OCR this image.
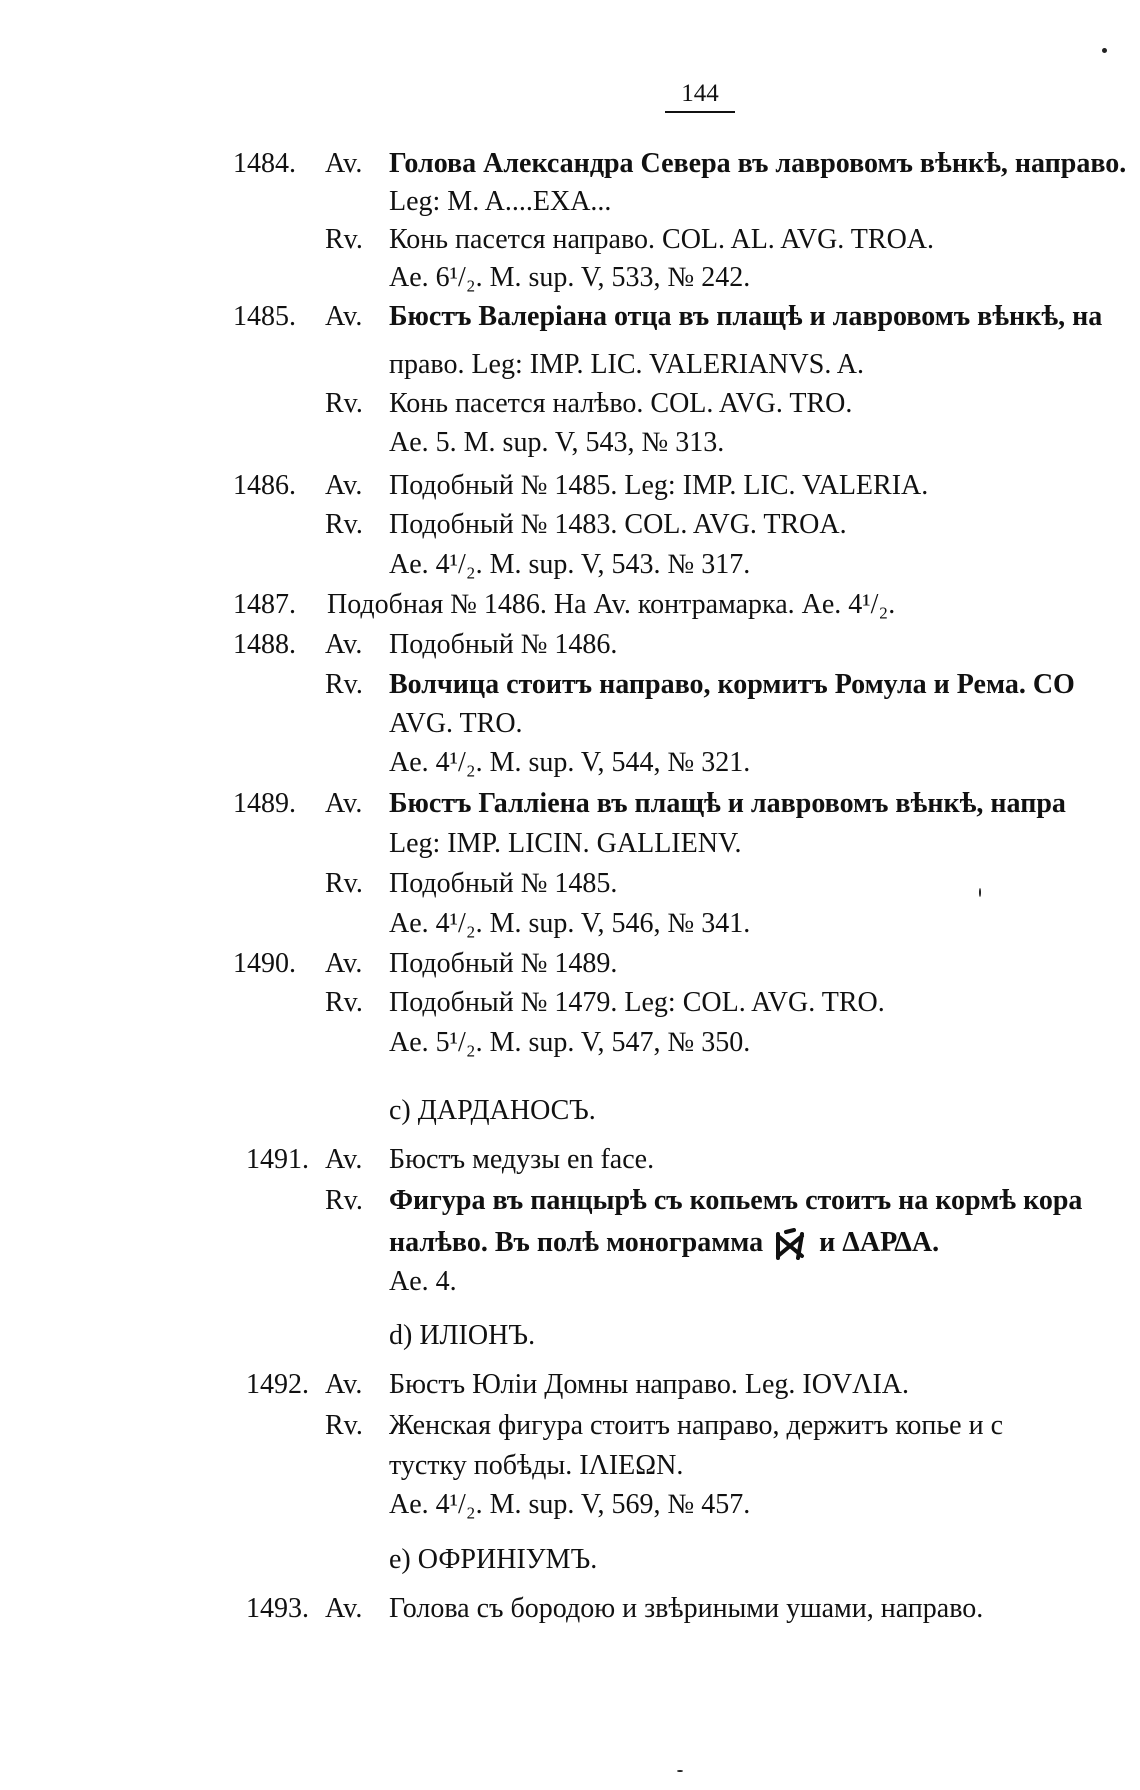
144
1484. Av. Голова Александра Севера въ лавровомъ вѣнкѣ, направо.
Leg: M. A....EXA...
Rv. Конь пасется направо. COL. AL. AVG. TROA.
Ae. 6¹/₂. M. sup. V, 533, № 242.
1485. Av. Бюстъ Валеріана отца въ плащѣ и лавровомъ вѣнкѣ, на
право. Leg: IMP. LIC. VALERIANVS. A.
Rv. Конь пасется налѣво. COL. AVG. TRO.
Ae. 5. M. sup. V, 543, № 313.
1486. Av. Подобный № 1485. Leg: IMP. LIC. VALERIA.
Rv. Подобный № 1483. COL. AVG. TROA.
Ae. 4¹/₂. M. sup. V, 543. № 317.
1487. Подобная № 1486. На Av. контрамарка. Ae. 4¹/₂.
1488. Av. Подобный № 1486.
Rv. Волчица стоитъ направо, кормитъ Ромула и Рема. CO
AVG. TRO.
Ae. 4¹/₂. M. sup. V, 544, № 321.
1489. Av. Бюстъ Галліена въ плащѣ и лавровомъ вѣнкѣ, напра
Leg: IMP. LICIN. GALLIENV.
Rv. Подобный № 1485.
Ae. 4¹/₂. M. sup. V, 546, № 341.
1490. Av. Подобный № 1489.
Rv. Подобный № 1479. Leg: COL. AVG. TRO.
Ae. 5¹/₂. M. sup. V, 547, № 350.
c) ДАРДАНОСЪ.
1491. Av. Бюстъ медузы en face.
Rv. Фигура въ панцырѣ съ копьемъ стоитъ на кормѣ кора
налѣво. Въ полѣ монограмма и ΔΑΡΔΑ.
Ae. 4.
d) ИЛІОНЪ.
1492. Av. Бюстъ Юліи Домны направо. Leg. IOVΛIA.
Rv. Женская фигура стоитъ направо, держитъ копье и с
тустку побѣды. IΛIEΩN.
Ae. 4¹/₂. M. sup. V, 569, № 457.
e) ОФРИНІУМЪ.
1493. Av. Голова съ бородою и звѣриными ушами, направо.
